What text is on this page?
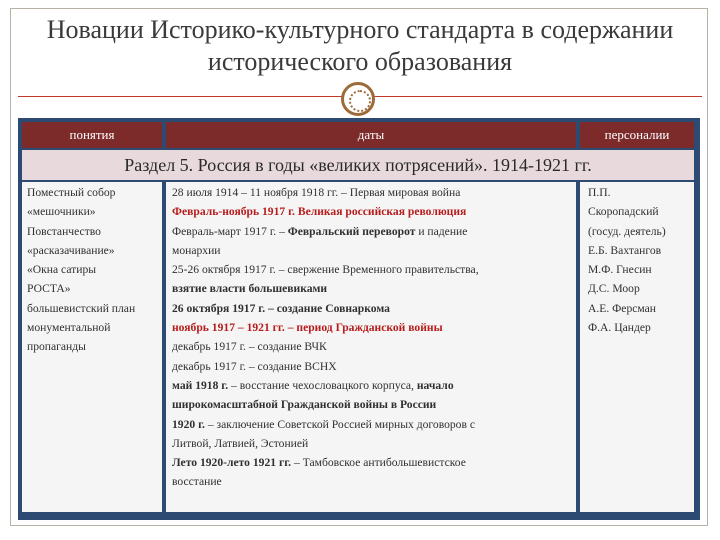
Новации Историко-культурного стандарта в содержании
исторического образования
понятия	даты	персоналии
Раздел 5. Россия в годы «великих потрясений». 1914-1921 гг.
Поместный собор
«мешочники»
Повстанчество
«расказачивание»
«Окна сатиры
РОСТА»
большевистский план
монументальной
пропаганды
28 июля 1914 – 11 ноября 1918 гг. – Первая мировая война
Февраль-ноябрь 1917 г. Великая российская революция
Февраль-март 1917 г. – Февральский переворот и падение
монархии
25-26 октября 1917 г. – свержение Временного правительства,
взятие власти большевиками
26 октября 1917 г. – создание Совнаркома
ноябрь 1917 – 1921 гг. – период Гражданской войны
декабрь 1917 г. – создание ВЧК
декабрь 1917 г. – создание ВСНХ
май 1918 г. – восстание чехословацкого корпуса, начало
широкомасштабной Гражданской войны в России
1920 г. – заключение Советской Россией мирных договоров с
Литвой, Латвией, Эстонией
Лето 1920-лето 1921 гг. – Тамбовское антибольшевистское
восстание
П.П.
Скоропадский
(госуд. деятель)
Е.Б. Вахтангов
М.Ф. Гнесин
Д.С. Моор
А.Е. Ферсман
Ф.А. Цандер
